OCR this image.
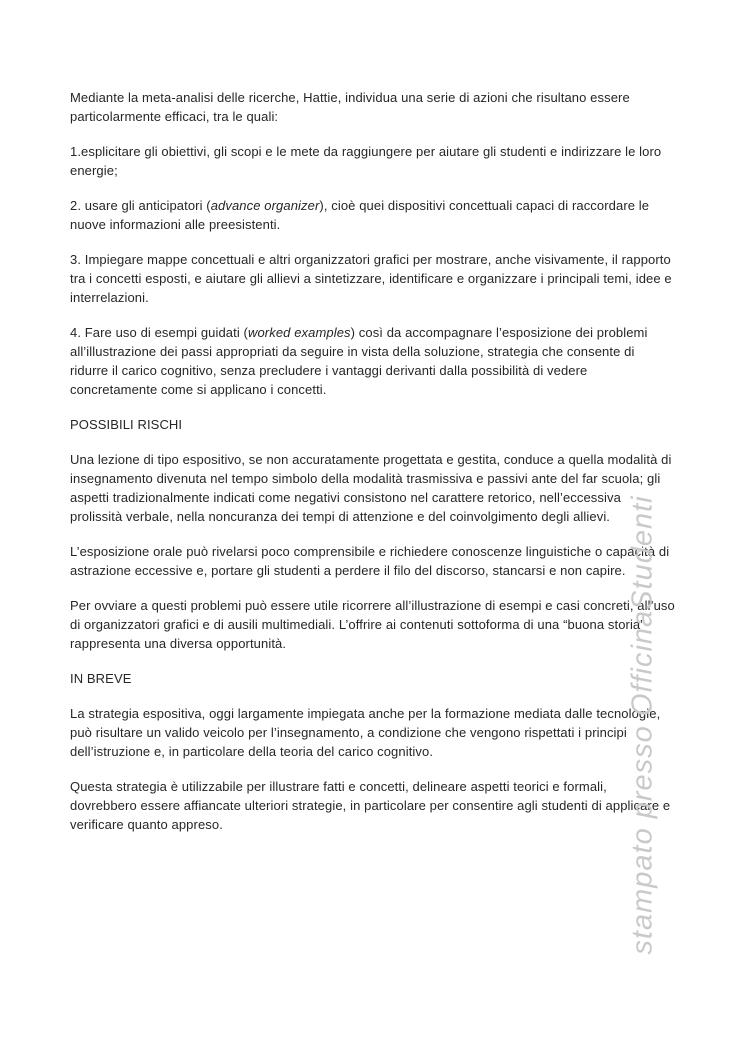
Mediante la meta-analisi delle ricerche, Hattie, individua una serie di azioni che risultano essere particolarmente efficaci, tra le quali:

1.esplicitare gli obiettivi, gli scopi e le mete da raggiungere per aiutare gli studenti e indirizzare le loro energie;

2. usare gli anticipatori (advance organizer), cioè quei dispositivi concettuali capaci di raccordare le nuove informazioni alle preesistenti.

3. Impiegare mappe concettuali e altri organizzatori grafici per mostrare, anche visivamente, il rapporto tra i concetti esposti, e aiutare gli allievi a sintetizzare, identificare e organizzare i principali temi, idee e interrelazioni.

4. Fare uso di esempi guidati (worked examples) così da accompagnare l’esposizione dei problemi all’illustrazione dei passi appropriati da seguire in vista della soluzione, strategia che consente di ridurre il carico cognitivo, senza precludere i vantaggi derivanti dalla possibilità di vedere concretamente come si applicano i concetti.

POSSIBILI RISCHI

Una lezione di tipo espositivo, se non accuratamente progettata e gestita, conduce a quella modalità di insegnamento divenuta nel tempo simbolo della modalità trasmissiva e passivi ante del far scuola; gli aspetti tradizionalmente indicati come negativi consistono nel carattere retorico, nell’eccessiva prolissità verbale, nella noncuranza dei tempi di attenzione e del coinvolgimento degli allievi.

L’esposizione orale può rivelarsi poco comprensibile e richiedere conoscenze linguistiche o capacità di astrazione eccessive e, portare gli studenti a perdere il filo del discorso, stancarsi e non capire.

Per ovviare a questi problemi può essere utile ricorrere all’illustrazione di esempi e casi concreti, all’uso di organizzatori grafici e di ausili multimediali. L’offrire ai contenuti sottoforma di una “buona storia” rappresenta una diversa opportunità.

IN BREVE

La strategia espositiva, oggi largamente impiegata anche per la formazione mediata dalle tecnologie, può risultare un valido veicolo per l’insegnamento, a condizione che vengono rispettati i principi dell’istruzione e, in particolare della teoria del carico cognitivo.

Questa strategia è utilizzabile per illustrare fatti e concetti, delineare aspetti teorici e formali, dovrebbero essere affiancate ulteriori strategie, in particolare per consentire agli studenti di applicare e verificare quanto appreso.	stampato presso OfficinaStudenti
